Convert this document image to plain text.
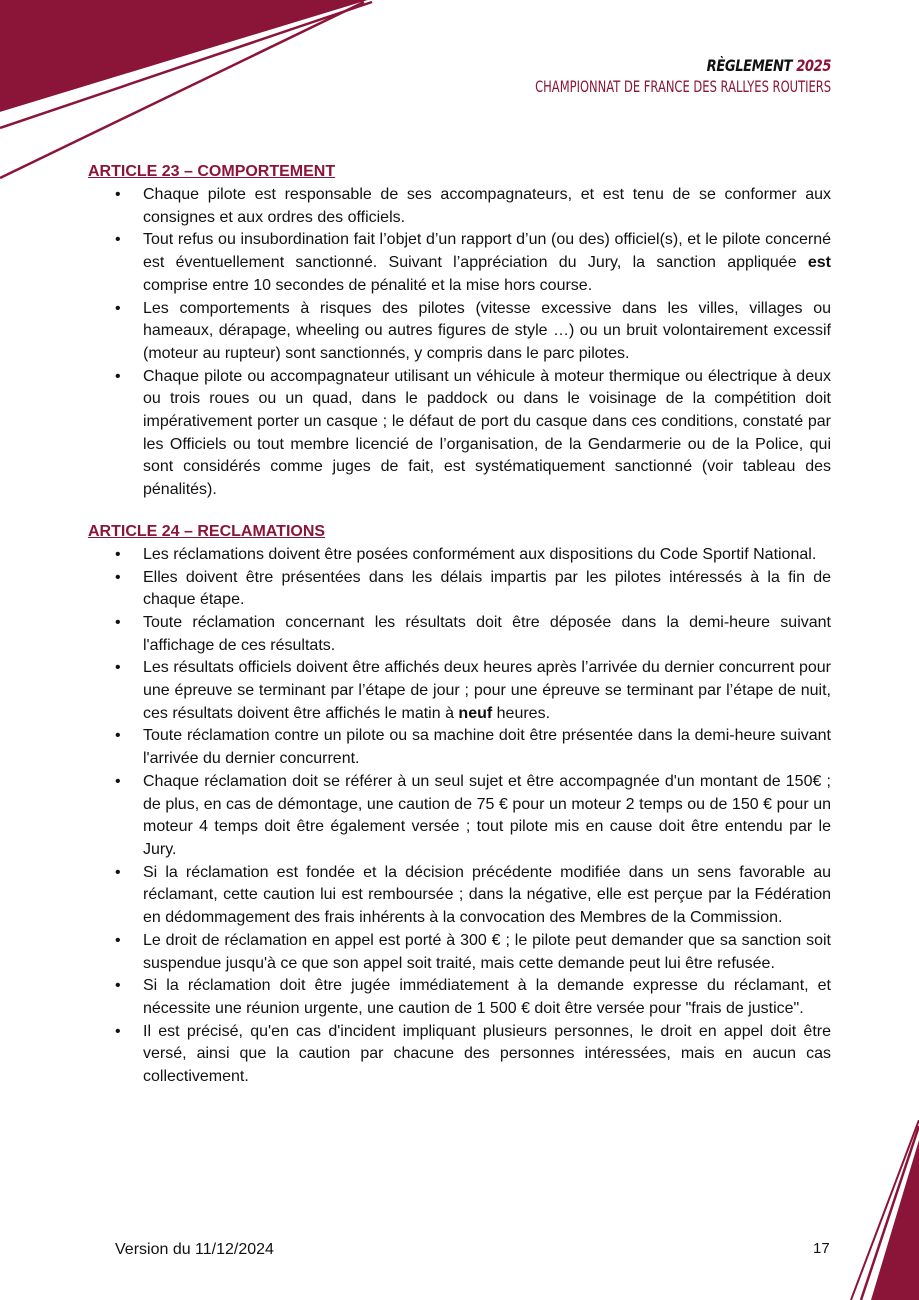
RÈGLEMENT 2025
CHAMPIONNAT DE FRANCE DES RALLYES ROUTIERS
ARTICLE 23 – COMPORTEMENT
• Chaque pilote est responsable de ses accompagnateurs, et est tenu de se conformer aux consignes et aux ordres des officiels.
• Tout refus ou insubordination fait l’objet d’un rapport d’un (ou des) officiel(s), et le pilote concerné est éventuellement sanctionné. Suivant l’appréciation du Jury, la sanction appliquée est comprise entre 10 secondes de pénalité et la mise hors course.
• Les comportements à risques des pilotes (vitesse excessive dans les villes, villages ou hameaux, dérapage, wheeling ou autres figures de style …) ou un bruit volontairement excessif (moteur au rupteur) sont sanctionnés, y compris dans le parc pilotes.
• Chaque pilote ou accompagnateur utilisant un véhicule à moteur thermique ou électrique à deux ou trois roues ou un quad, dans le paddock ou dans le voisinage de la compétition doit impérativement porter un casque ; le défaut de port du casque dans ces conditions, constaté par les Officiels ou tout membre licencié de l’organisation, de la Gendarmerie ou de la Police, qui sont considérés comme juges de fait, est systématiquement sanctionné (voir tableau des pénalités).
ARTICLE 24 – RECLAMATIONS
• Les réclamations doivent être posées conformément aux dispositions du Code Sportif National.
• Elles doivent être présentées dans les délais impartis par les pilotes intéressés à la fin de chaque étape.
• Toute réclamation concernant les résultats doit être déposée dans la demi-heure suivant l'affichage de ces résultats.
• Les résultats officiels doivent être affichés deux heures après l’arrivée du dernier concurrent pour une épreuve se terminant par l’étape de jour ; pour une épreuve se terminant par l’étape de nuit, ces résultats doivent être affichés le matin à neuf heures.
• Toute réclamation contre un pilote ou sa machine doit être présentée dans la demi-heure suivant l'arrivée du dernier concurrent.
• Chaque réclamation doit se référer à un seul sujet et être accompagnée d'un montant de 150€ ; de plus, en cas de démontage, une caution de 75 € pour un moteur 2 temps ou de 150 € pour un moteur 4 temps doit être également versée ; tout pilote mis en cause doit être entendu par le Jury.
• Si la réclamation est fondée et la décision précédente modifiée dans un sens favorable au réclamant, cette caution lui est remboursée ; dans la négative, elle est perçue par la Fédération en dédommagement des frais inhérents à la convocation des Membres de la Commission.
• Le droit de réclamation en appel est porté à 300 € ; le pilote peut demander que sa sanction soit suspendue jusqu'à ce que son appel soit traité, mais cette demande peut lui être refusée.
• Si la réclamation doit être jugée immédiatement à la demande expresse du réclamant, et nécessite une réunion urgente, une caution de 1 500 € doit être versée pour "frais de justice".
• Il est précisé, qu'en cas d'incident impliquant plusieurs personnes, le droit en appel doit être versé, ainsi que la caution par chacune des personnes intéressées, mais en aucun cas collectivement.
Version du 11/12/2024	17
